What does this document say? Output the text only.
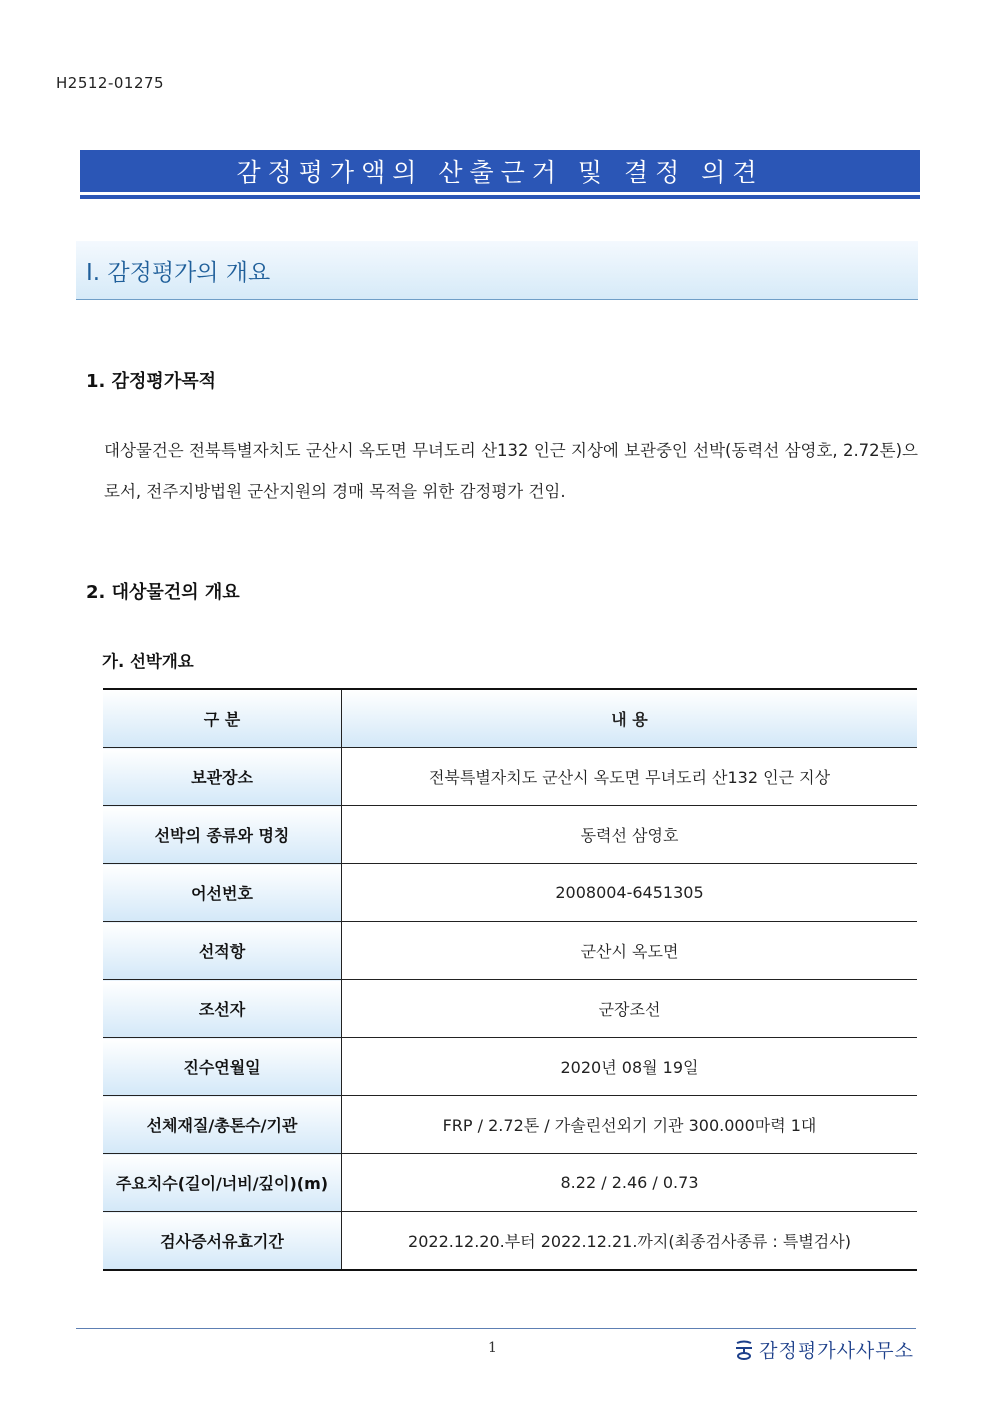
H2512-01275
감정평가액의 산출근거 및 결정 의견
Ⅰ. 감정평가의 개요
1. 감정평가목적
대상물건은 전북특별자치도 군산시 옥도면 무녀도리 산132 인근 지상에 보관중인 선박(동력선 삼영호, 2.72톤)으로서, 전주지방법원 군산지원의 경매 목적을 위한 감정평가 건임.
2. 대상물건의 개요
가. 선박개요
구 분	내 용
보관장소	전북특별자치도 군산시 옥도면 무녀도리 산132 인근 지상
선박의 종류와 명칭	동력선 삼영호
어선번호	2008004-6451305
선적항	군산시 옥도면
조선자	군장조선
진수연월일	2020년 08월 19일
선체재질/총톤수/기관	FRP / 2.72톤 / 가솔린선외기 기관 300.000마력 1대
주요치수(길이/너비/깊이)(m)	8.22 / 2.46 / 0.73
검사증서유효기간	2022.12.20.부터 2022.12.21.까지(최종검사종류 : 특별검사)
1	감정평가사사무소
